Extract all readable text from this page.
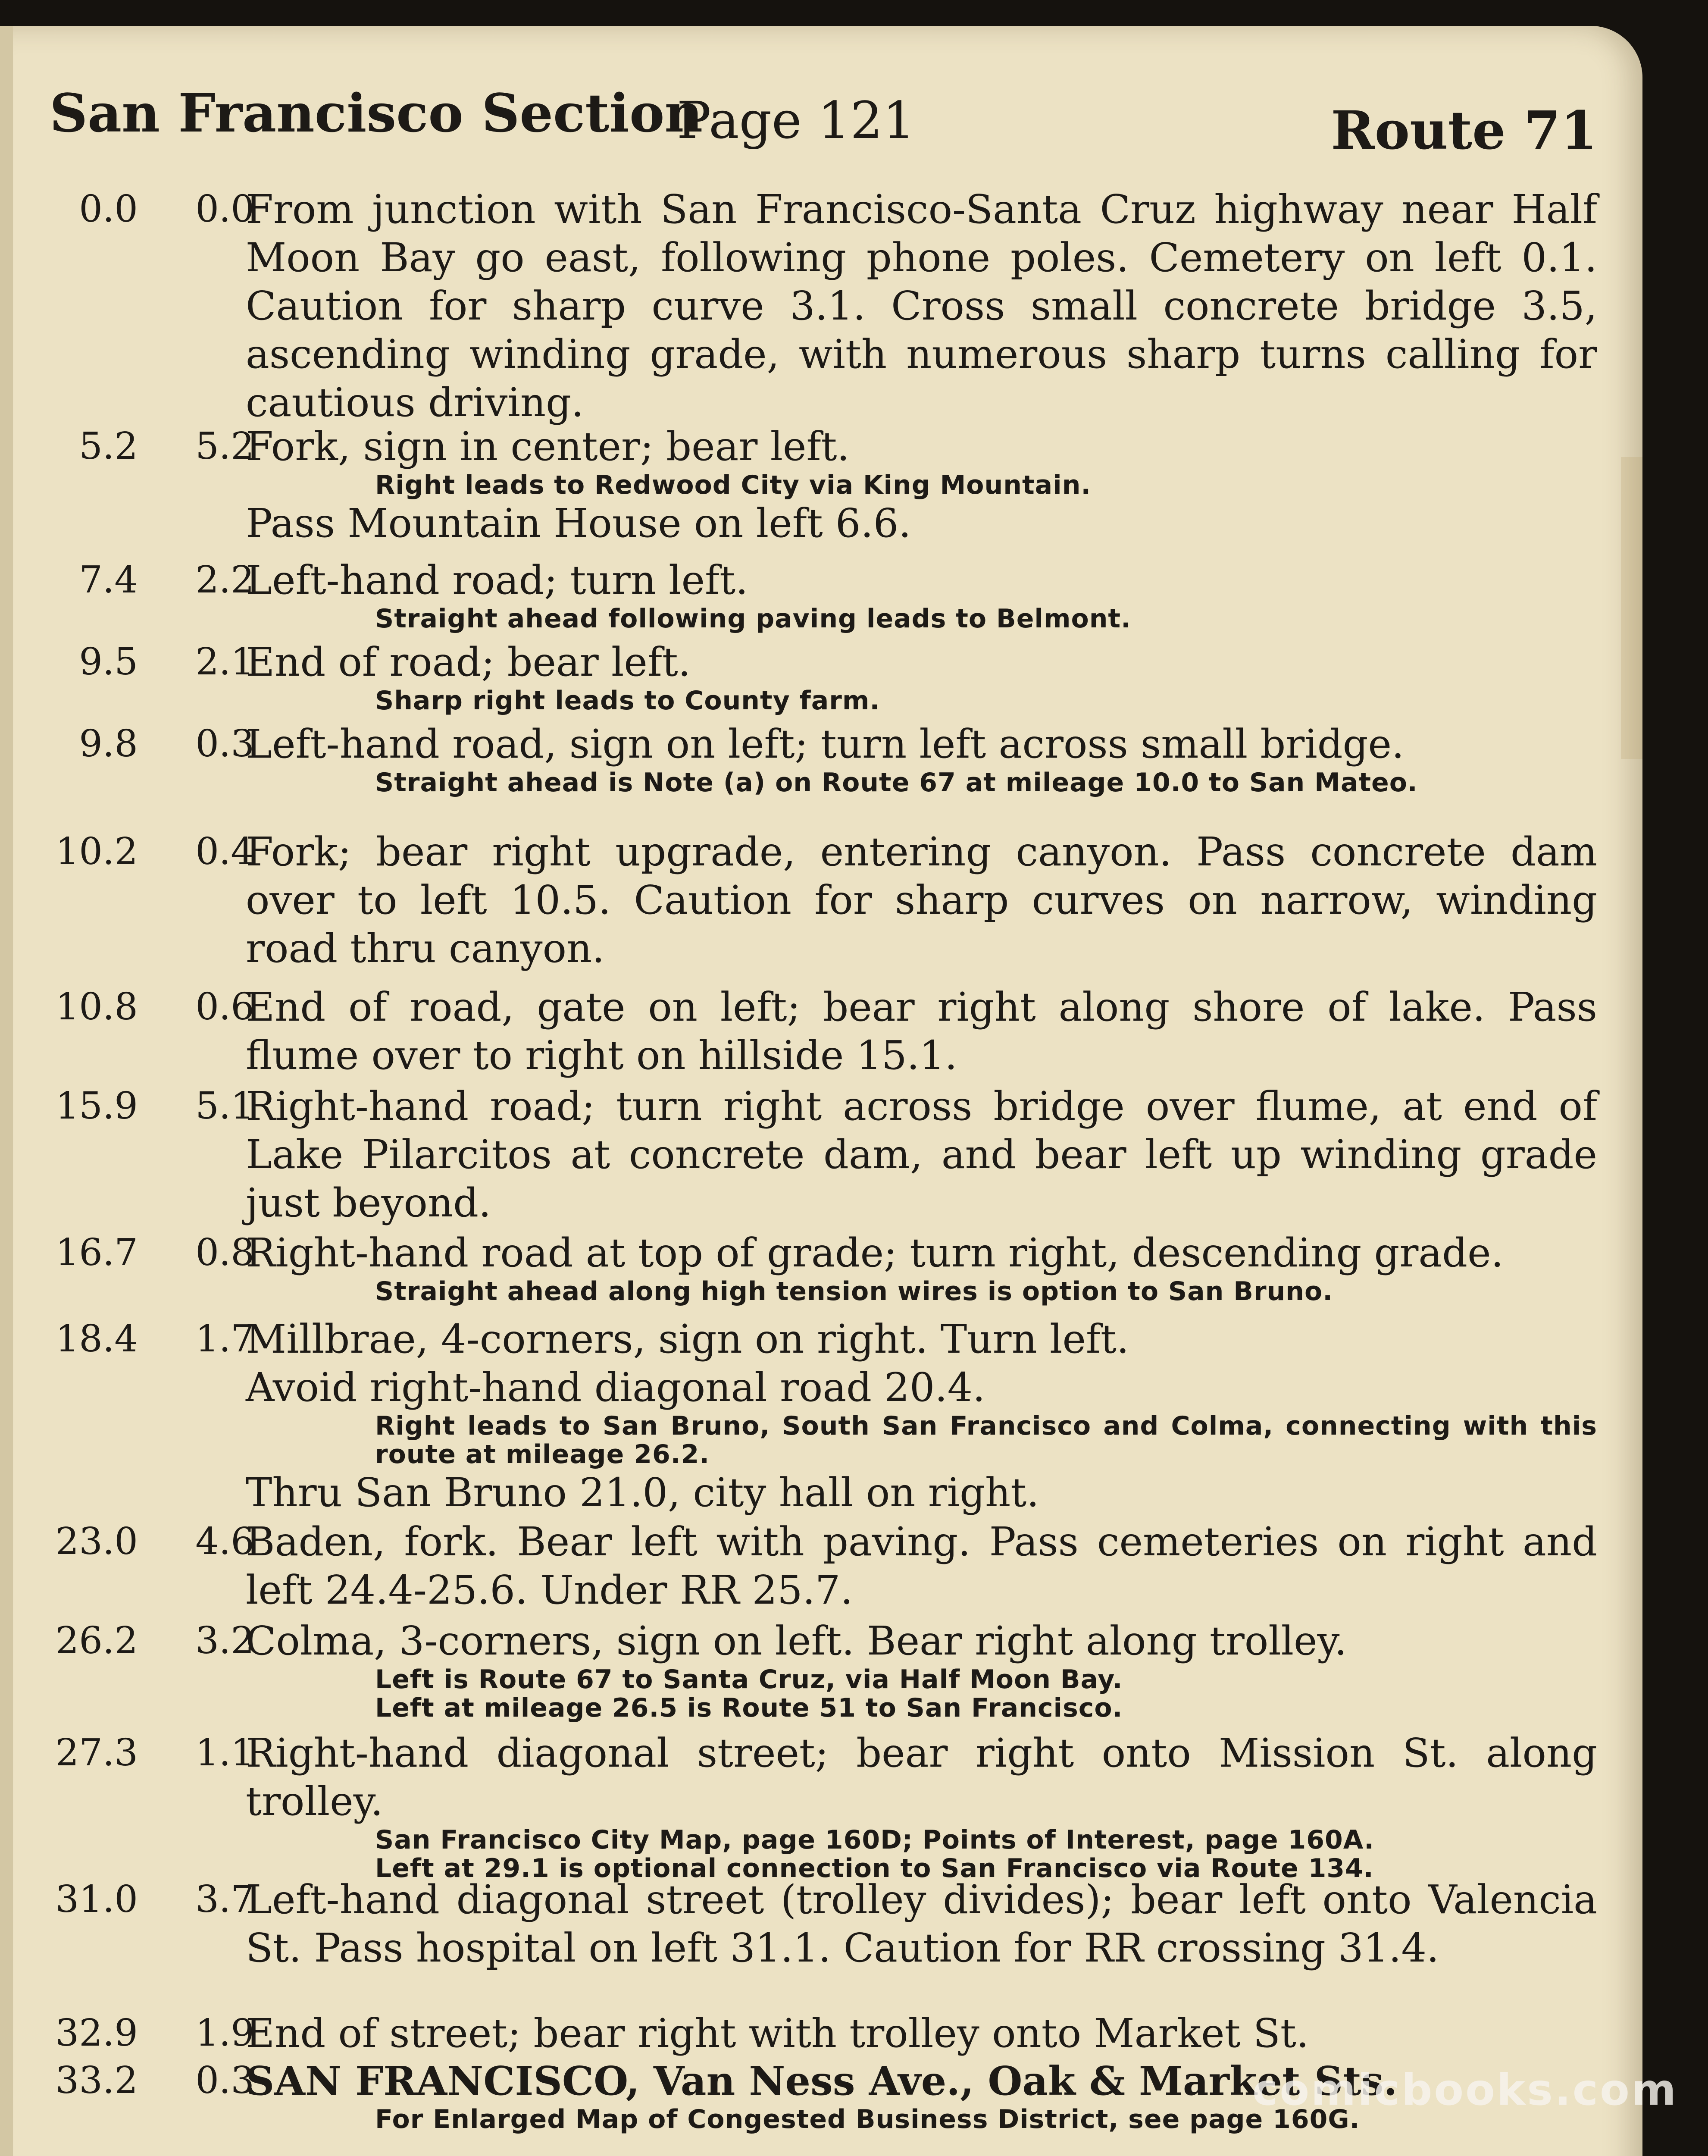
San Francisco Section
Page 121	Route 71
0.0	0.0
From junction with San Francisco-Santa Cruz highway near Half Moon Bay go east, following phone poles. Cemetery on left 0.1. Caution for sharp curve 3.1. Cross small concrete bridge 3.5, ascending winding grade, with numerous sharp turns calling for cautious driving.
5.2	5.2
Fork, sign in center; bear left.
Right leads to Redwood City via King Mountain.
Pass Mountain House on left 6.6.
7.4	2.2
Left-hand road; turn left.
Straight ahead following paving leads to Belmont.
9.5	2.1
End of road; bear left.
Sharp right leads to County farm.
9.8	0.3
Left-hand road, sign on left; turn left across small bridge.
Straight ahead is Note (a) on Route 67 at mileage 10.0 to San Mateo.
10.2	0.4
Fork; bear right upgrade, entering canyon. Pass concrete dam over to left 10.5. Caution for sharp curves on narrow, winding road thru canyon.
10.8	0.6
End of road, gate on left; bear right along shore of lake. Pass flume over to right on hillside 15.1.
15.9	5.1
Right-hand road; turn right across bridge over flume, at end of Lake Pilarcitos at concrete dam, and bear left up winding grade just beyond.
16.7	0.8
Right-hand road at top of grade; turn right, descending grade.
Straight ahead along high tension wires is option to San Bruno.
18.4	1.7
Millbrae, 4-corners, sign on right. Turn left.
Avoid right-hand diagonal road 20.4.
Right leads to San Bruno, South San Francisco and Colma, connecting with this route at mileage 26.2.
Thru San Bruno 21.0, city hall on right.
23.0	4.6
Baden, fork. Bear left with paving. Pass cemeteries on right and left 24.4-25.6. Under RR 25.7.
26.2	3.2
Colma, 3-corners, sign on left. Bear right along trolley.
Left is Route 67 to Santa Cruz, via Half Moon Bay.
Left at mileage 26.5 is Route 51 to San Francisco.
27.3	1.1
Right-hand diagonal street; bear right onto Mission St. along trolley.
San Francisco City Map, page 160D; Points of Interest, page 160A.
Left at 29.1 is optional connection to San Francisco via Route 134.
31.0	3.7
Left-hand diagonal street (trolley divides); bear left onto Valencia St. Pass hospital on left 31.1. Caution for RR crossing 31.4.
32.9	1.9
End of street; bear right with trolley onto Market St.
33.2	0.3
SAN FRANCISCO, Van Ness Ave., Oak & Market Sts.
For Enlarged Map of Congested Business District, see page 160G.
comicbooks.com
